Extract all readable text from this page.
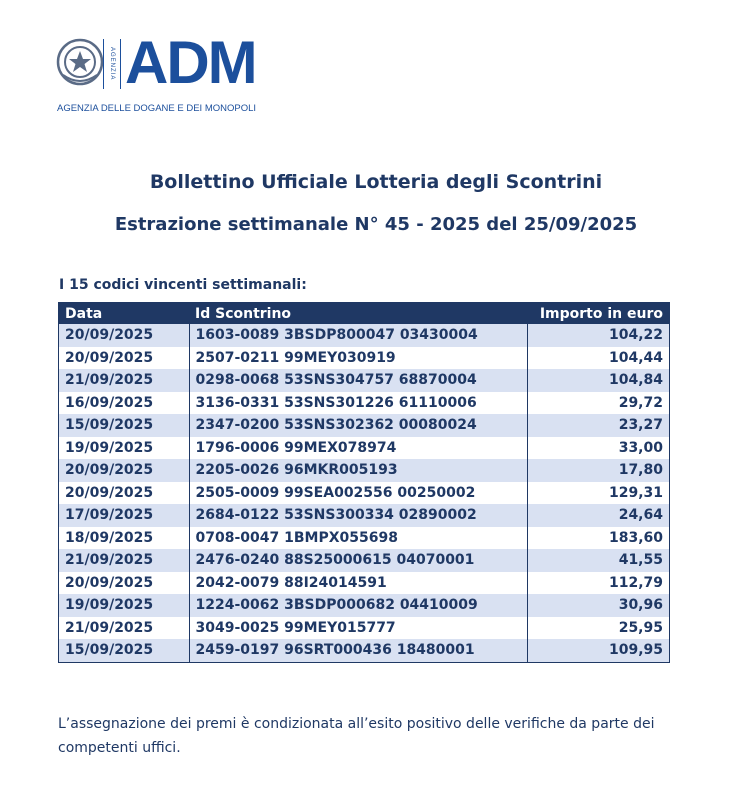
AGENZIA ADM
AGENZIA DELLE DOGANE E DEI MONOPOLI
Bollettino Ufficiale Lotteria degli Scontrini
Estrazione settimanale N° 45 - 2025 del 25/09/2025
I 15 codici vincenti settimanali:
Data	Id Scontrino	Importo in euro
20/09/2025	1603-0089 3BSDP800047 03430004	104,22
20/09/2025	2507-0211 99MEY030919	104,44
21/09/2025	0298-0068 53SNS304757 68870004	104,84
16/09/2025	3136-0331 53SNS301226 61110006	29,72
15/09/2025	2347-0200 53SNS302362 00080024	23,27
19/09/2025	1796-0006 99MEX078974	33,00
20/09/2025	2205-0026 96MKR005193	17,80
20/09/2025	2505-0009 99SEA002556 00250002	129,31
17/09/2025	2684-0122 53SNS300334 02890002	24,64
18/09/2025	0708-0047 1BMPX055698	183,60
21/09/2025	2476-0240 88S25000615 04070001	41,55
20/09/2025	2042-0079 88I24014591	112,79
19/09/2025	1224-0062 3BSDP000682 04410009	30,96
21/09/2025	3049-0025 99MEY015777	25,95
15/09/2025	2459-0197 96SRT000436 18480001	109,95
L’assegnazione dei premi è condizionata all’esito positivo delle verifiche da parte dei competenti uffici.
